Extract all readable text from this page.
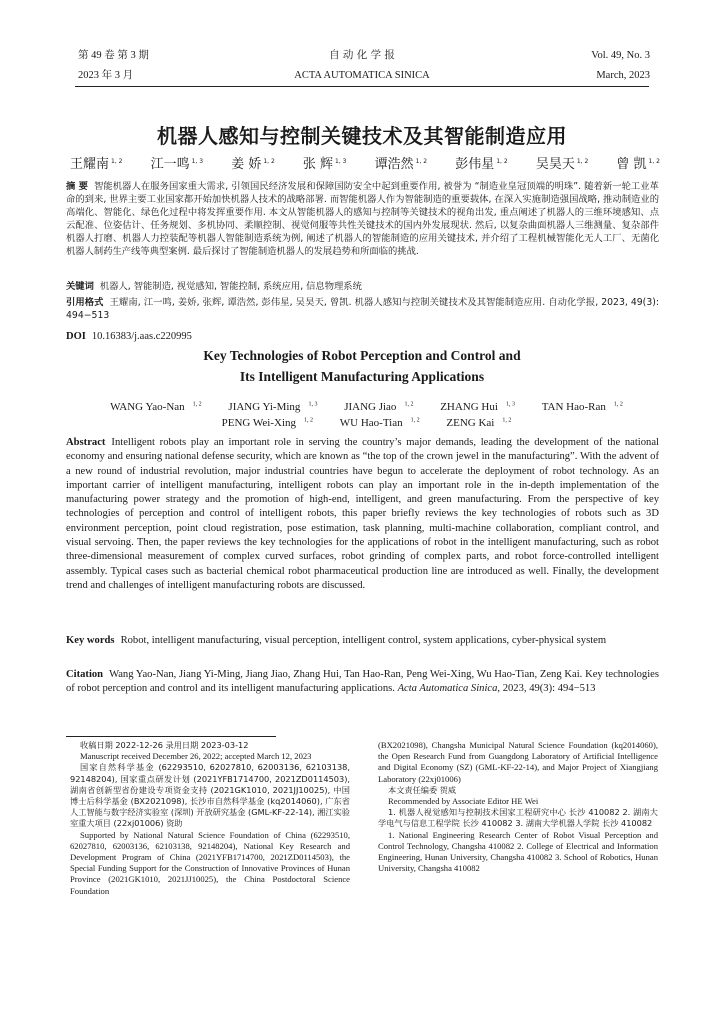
第 49 卷 第 3 期
2023 年 3 月
自 动 化 学 报
ACTA AUTOMATICA SINICA
Vol. 49, No. 3
March, 2023
机器人感知与控制关键技术及其智能制造应用
王耀南 $^{1, 2}$ 江一鸣 $^{1, 3}$ 姜 娇 $^{1, 2}$ 张 辉 $^{1, 3}$ 谭浩然 $^{1, 2}$ 彭伟星 $^{1, 2}$ 吴昊天 $^{1, 2}$ 曾 凯 $^{1, 2}$
摘 要 智能机器人在服务国家重大需求, 引领国民经济发展和保障国防安全中起到重要作用, 被誉为 “制造业皇冠顶端的明珠”. 随着新一轮工业革命的到来, 世界主要工业国家都开始加快机器人技术的战略部署. 而智能机器人作为智能制造的重要载体, 在深入实施制造强国战略, 推动制造业的高端化、智能化、绿色化过程中将发挥重要作用. 本文从智能机器人的感知与控制等关键技术的视角出发, 重点阐述了机器人的三维环境感知、点云配准、位姿估计、任务规划、多机协同、柔顺控制、视觉伺服等共性关键技术的国内外发展现状. 然后, 以复杂曲面机器人三维测量、复杂部件机器人打磨、机器人力控装配等机器人智能制造系统为例, 阐述了机器人的智能制造的应用关键技术, 并介绍了工程机械智能化无人工厂、无菌化机器人制药生产线等典型案例. 最后探讨了智能制造机器人的发展趋势和所面临的挑战.
关键词 机器人, 智能制造, 视觉感知, 智能控制, 系统应用, 信息物理系统
引用格式 王耀南, 江一鸣, 姜娇, 张辉, 谭浩然, 彭伟星, 吴昊天, 曾凯. 机器人感知与控制关键技术及其智能制造应用. 自动化学报, 2023, 49(3): 494−513
DOI 10.16383/j.aas.c220995
Key Technologies of Robot Perception and Control and
Its Intelligent Manufacturing Applications
WANG Yao-Nan $^{1, 2}$ JIANG Yi-Ming $^{1, 3}$ JIANG Jiao $^{1, 2}$ ZHANG Hui $^{1, 3}$ TAN Hao-Ran $^{1, 2}$
PENG Wei-Xing $^{1, 2}$ WU Hao-Tian $^{1, 2}$ ZENG Kai $^{1, 2}$
Abstract Intelligent robots play an important role in serving the country’s major demands, leading the development of the national economy and ensuring national defense security, which are known as “the top of the crown jewel in the manufacturing”. With the advent of a new round of industrial revolution, major industrial countries have begun to accelerate the deployment of robot technology. As an important carrier of intelligent manufacturing, intelligent robots can play an important role in the in-depth implementation of the manufacturing power strategy and the promotion of high-end, intelligent, and green manufacturing. From the perspective of key technologies of perception and control of intelligent robots, this paper briefly reviews the key technologies of robots such as 3D environment perception, point cloud registration, pose estimation, task planning, multi-machine collaboration, compliant control, and visual servoing. Then, the paper reviews the key technologies for the applications of robot in the intelligent manufacturing, such as robot three-dimensional measurement of complex curved surfaces, robot grinding of complex parts, and robot force-controlled intelligent assembly. Typical cases such as bacterial chemical robot pharmaceutical production line are introduced as well. Finally, the development trend and challenges of intelligent manufacturing robots are discussed.
Key words Robot, intelligent manufacturing, visual perception, intelligent control, system applications, cyber-physical system
Citation Wang Yao-Nan, Jiang Yi-Ming, Jiang Jiao, Zhang Hui, Tan Hao-Ran, Peng Wei-Xing, Wu Hao-Tian, Zeng Kai. Key technologies of robot perception and control and its intelligent manufacturing applications. Acta Automatica Sinica, 2023, 49(3): 494−513

收稿日期 2022-12-26 录用日期 2023-03-12

Manuscript received December 26, 2022; accepted March 12, 2023

国家自然科学基金 (62293510, 62027810, 62003136, 62103138, 92148204), 国家重点研发计划 (2021YFB1714700, 2021ZD0114503), 湖南省创新型省份建设专项资金支持 (2021GK1010, 2021JJ10025), 中国博士后科学基金 (BX2021098), 长沙市自然科学基金 (kq2014060), 广东省人工智能与数字经济实验室 (深圳) 开放研究基金 (GML-KF-22-14), 湘江实验室重大项目 (22xj01006) 资助

Supported by National Natural Science Foundation of China (62293510, 62027810, 62003136, 62103138, 92148204), National Key Research and Development Program of China (2021YFB1714700, 2021ZD0114503), the Special Funding Support for the Construction of Innovative Provinces of Hunan Province (2021GK1010, 2021JJ10025), the China Postdoctoral Science Foundation

(BX2021098), Changsha Municipal Natural Science Foundation (kq2014060), the Open Research Fund from Guangdong Laboratory of Artificial Intelligence and Digital Economy (SZ) (GML-KF-22-14), and Major Project of Xiangjiang Laboratory (22xj01006)

本文责任编委 贺威

Recommended by Associate Editor HE Wei

1. 机器人视觉感知与控制技术国家工程研究中心 长沙 410082 2. 湖南大学电气与信息工程学院 长沙 410082 3. 湖南大学机器人学院 长沙 410082

1. National Engineering Research Center of Robot Visual Perception and Control Technology, Changsha 410082 2. College of Electrical and Information Engineering, Hunan University, Changsha 410082 3. School of Robotics, Hunan University, Changsha 410082
